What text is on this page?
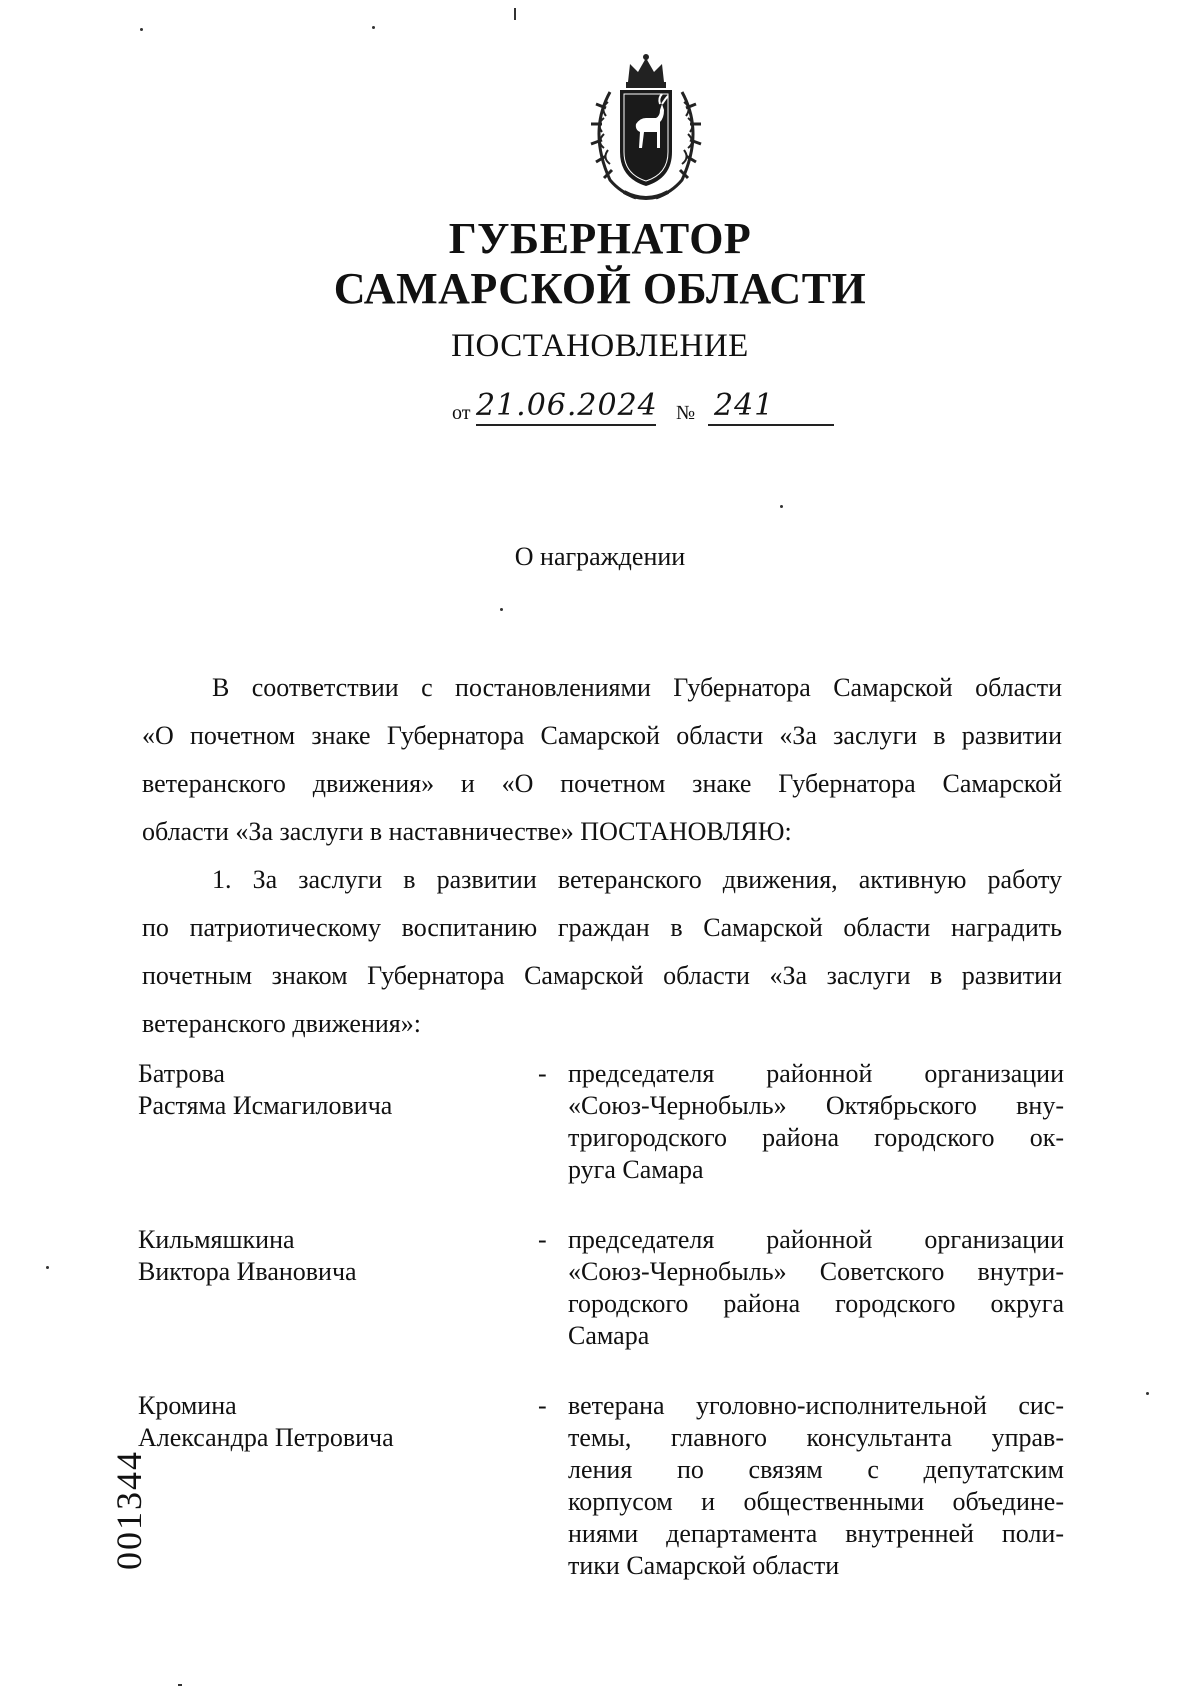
ГУБЕРНАТОР
САМАРСКОЙ ОБЛАСТИ
ПОСТАНОВЛЕНИЕ
от 21.06.2024 № 241
О награждении
В соответствии с постановлениями Губернатора Самарской области
«О почетном знаке Губернатора Самарской области «За заслуги в развитии
ветеранского движения» и «О почетном знаке Губернатора Самарской
области «За заслуги в наставничестве» ПОСТАНОВЛЯЮ:
1. За заслуги в развитии ветеранского движения, активную работу
по патриотическому воспитанию граждан в Самарской области наградить
почетным знаком Губернатора Самарской области «За заслуги в развитии
ветеранского движения»:
Батрова
Растяма Исмагиловича
- председателя районной организации
«Союз-Чернобыль» Октябрьского вну-
тригородского района городского ок-
руга Самара
Кильмяшкина
Виктора Ивановича
- председателя районной организации
«Союз-Чернобыль» Советского внутри-
городского района городского округа
Самара
Кромина
Александра Петровича
- ветерана уголовно-исполнительной сис-
темы, главного консультанта управ-
ления по связям с депутатским
корпусом и общественными объедине-
ниями департамента внутренней поли-
тики Самарской области
001344
